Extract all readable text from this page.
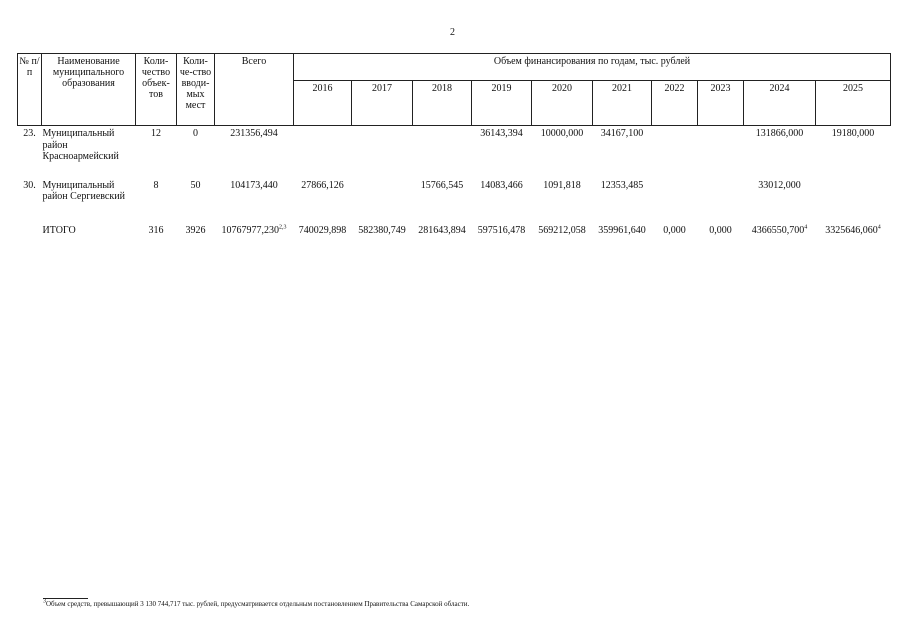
2
№ п/п	Наименование муниципального образования	Коли-чество объек-тов	Коли-че-ство вводи-мых мест	Всего	Объем финансирования по годам, тыс. рублей									
					2016	2017	2018	2019	2020	2021	2022	2023	2024	2025
23.	Муниципальный район Красноармейский	12	0	231356,494				36143,394	10000,000	34167,100			131866,000	19180,000
30.	Муниципальный район Сергиевский	8	50	104173,440	27866,126		15766,545	14083,466	1091,818	12353,485			33012,000	
	ИТОГО	316	3926	10767977,230$^{2,3}$	740029,898	582380,749	281643,894	597516,478	569212,058	359961,640	0,000	0,000	4366550,700$^4$	3325646,060$^4$
$^3$Объем средств, превышающий 3 130 744,717 тыс. рублей, предусматривается отдельным постановлением Правительства Самарской области.
